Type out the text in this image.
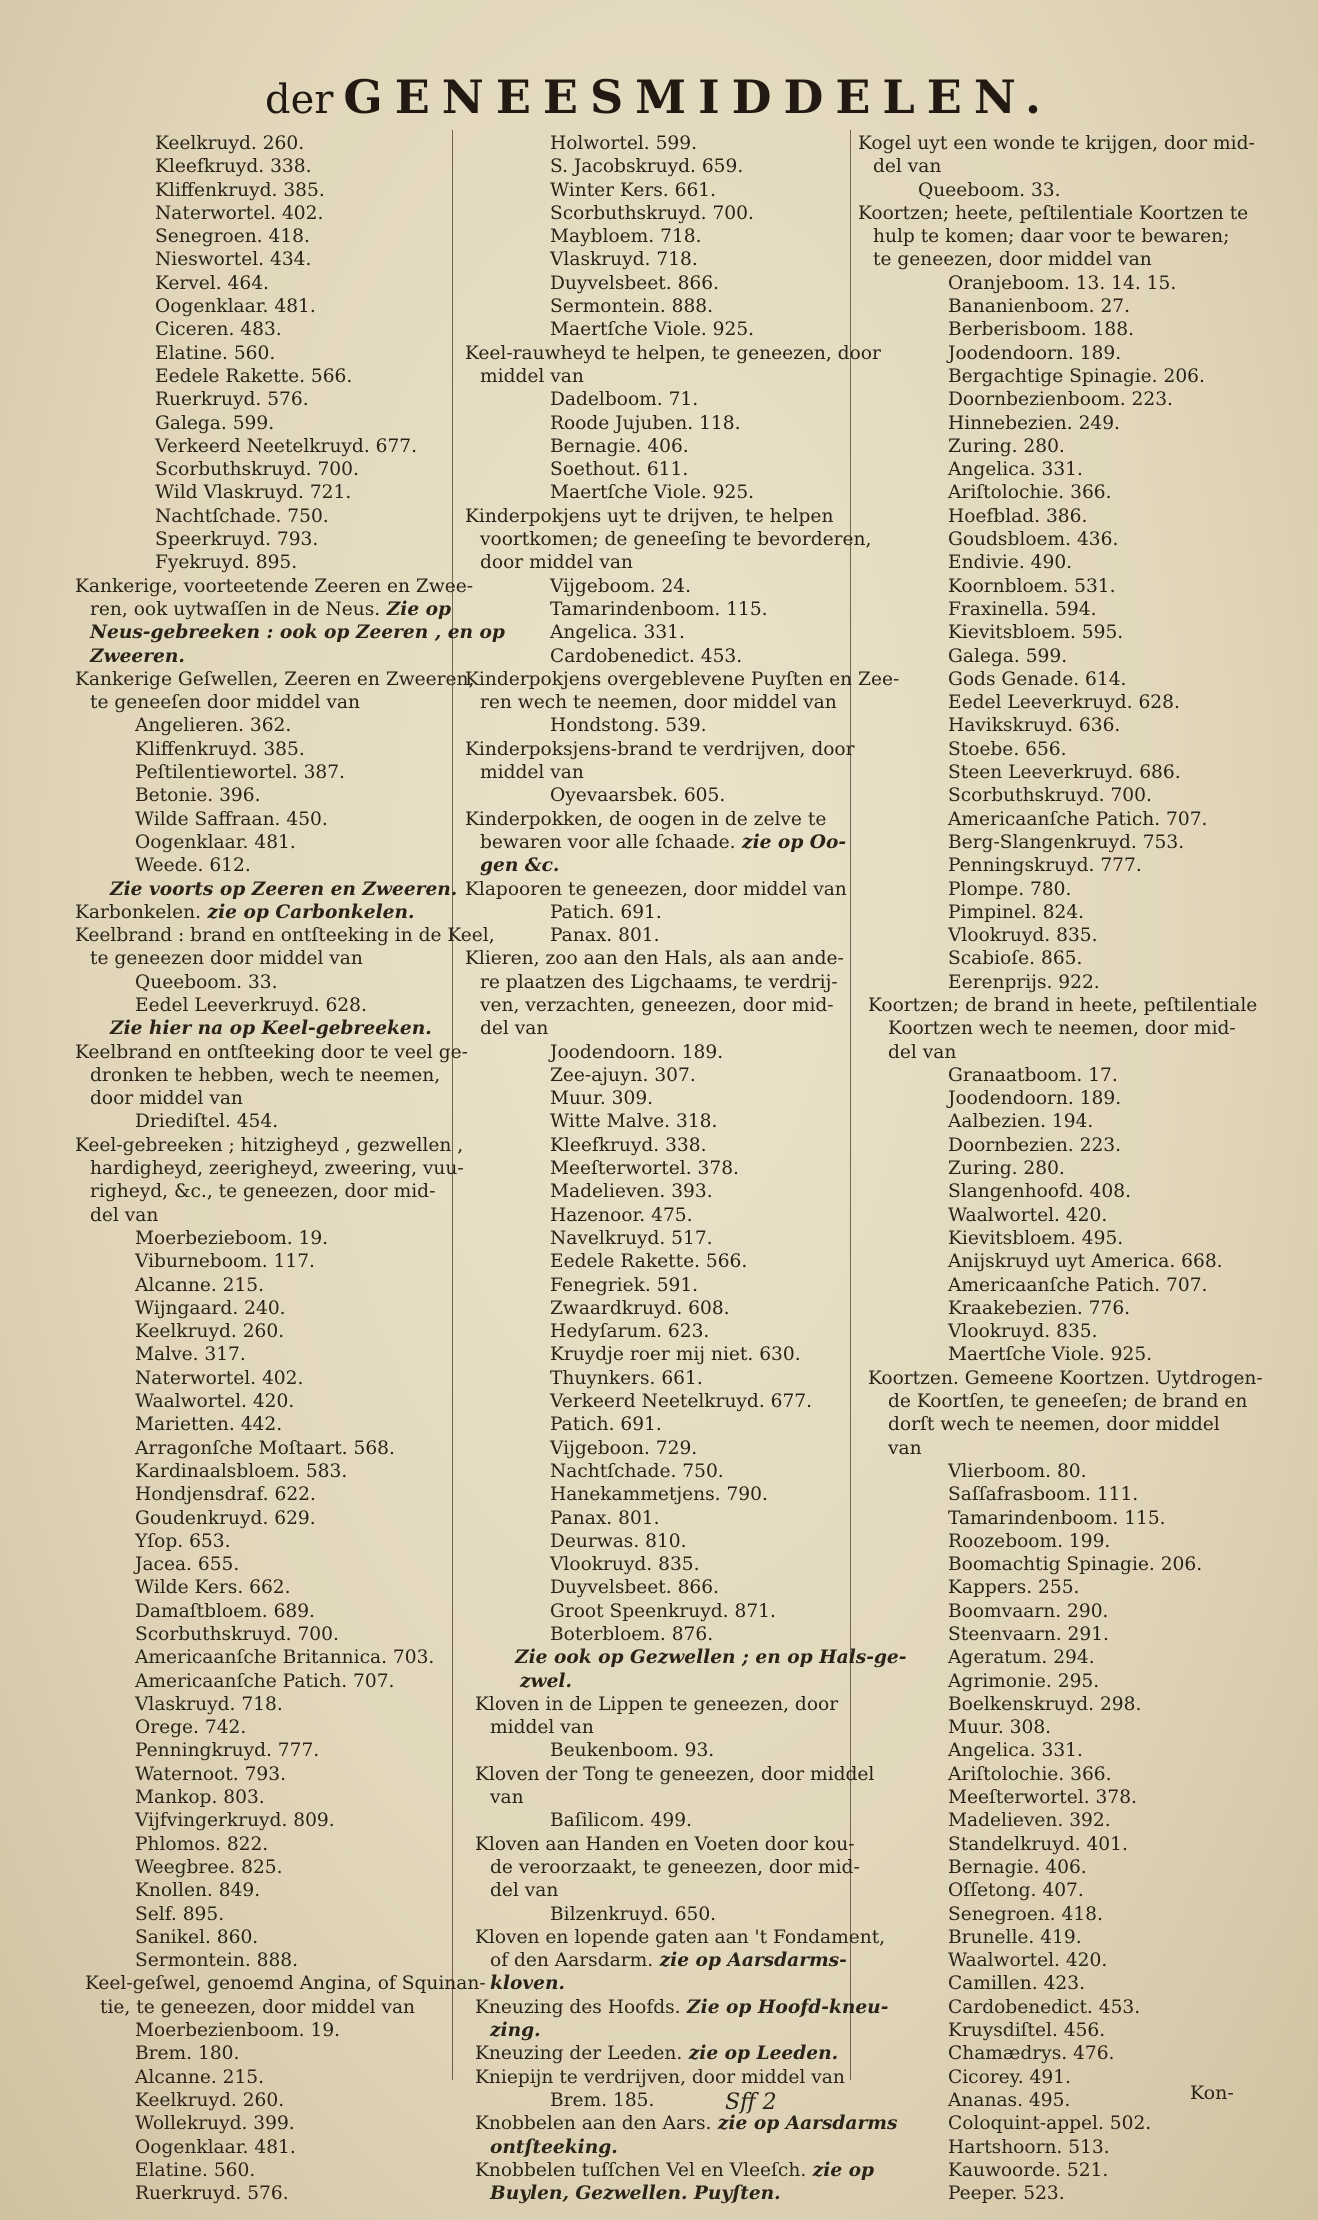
der GENEESMIDDELEN.
Keelkruyd. 260.
Kleefkruyd. 338.
Kliffenkruyd. 385.
Naterwortel. 402.
Senegroen. 418.
Nieswortel. 434.
Kervel. 464.
Oogenklaar. 481.
Ciceren. 483.
Elatine. 560.
Eedele Rakette. 566.
Ruerkruyd. 576.
Galega. 599.
Verkeerd Neetelkruyd. 677.
Scorbuthskruyd. 700.
Wild Vlaskruyd. 721.
Nachtſchade. 750.
Speerkruyd. 793.
Fyekruyd. 895.
Kankerige, voorteetende Zeeren en Zwee-
ren, ook uytwaſſen in de Neus. Zie op
Neus-gebreeken : ook op Zeeren , en op
Zweeren.
Kankerige Geſwellen, Zeeren en Zweeren,
te geneeſen door middel van
Angelieren. 362.
Kliffenkruyd. 385.
Peſtilentiewortel. 387.
Betonie. 396.
Wilde Saffraan. 450.
Oogenklaar. 481.
Weede. 612.
Zie voorts op Zeeren en Zweeren.
Karbonkelen. zie op Carbonkelen.
Keelbrand : brand en ontſteeking in de Keel,
te geneezen door middel van
Queeboom. 33.
Eedel Leeverkruyd. 628.
Zie hier na op Keel-gebreeken.
Keelbrand en ontſteeking door te veel ge-
dronken te hebben, wech te neemen,
door middel van
Driediſtel. 454.
Keel-gebreeken ; hitzigheyd , gezwellen ,
hardigheyd, zeerigheyd, zweering, vuu-
righeyd, &c., te geneezen, door mid-
del van
Moerbezieboom. 19.
Viburneboom. 117.
Alcanne. 215.
Wijngaard. 240.
Keelkruyd. 260.
Malve. 317.
Naterwortel. 402.
Waalwortel. 420.
Marietten. 442.
Arragonſche Moſtaart. 568.
Kardinaalsbloem. 583.
Hondjensdraf. 622.
Goudenkruyd. 629.
Yſop. 653.
Jacea. 655.
Wilde Kers. 662.
Damaſtbloem. 689.
Scorbuthskruyd. 700.
Americaanſche Britannica. 703.
Americaanſche Patich. 707.
Vlaskruyd. 718.
Orege. 742.
Penningkruyd. 777.
Waternoot. 793.
Mankop. 803.
Vijfvingerkruyd. 809.
Phlomos. 822.
Weegbree. 825.
Knollen. 849.
Self. 895.
Sanikel. 860.
Sermontein. 888.
Keel-geſwel, genoemd Angina, of Squinan-
tie, te geneezen, door middel van
Moerbezienboom. 19.
Brem. 180.
Alcanne. 215.
Keelkruyd. 260.
Wollekruyd. 399.
Oogenklaar. 481.
Elatine. 560.
Ruerkruyd. 576.
Holwortel. 599.
S. Jacobskruyd. 659.
Winter Kers. 661.
Scorbuthskruyd. 700.
Maybloem. 718.
Vlaskruyd. 718.
Duyvelsbeet. 866.
Sermontein. 888.
Maertſche Viole. 925.
Keel-rauwheyd te helpen, te geneezen, door
middel van
Dadelboom. 71.
Roode Jujuben. 118.
Bernagie. 406.
Soethout. 611.
Maertſche Viole. 925.
Kinderpokjens uyt te drijven, te helpen
voortkomen; de geneeſing te bevorderen,
door middel van
Vijgeboom. 24.
Tamarindenboom. 115.
Angelica. 331.
Cardobenedict. 453.
Kinderpokjens overgeblevene Puyſten en Zee-
ren wech te neemen, door middel van
Hondstong. 539.
Kinderpoksjens-brand te verdrijven, door
middel van
Oyevaarsbek. 605.
Kinderpokken, de oogen in de zelve te
bewaren voor alle ſchaade. zie op Oo-
gen &c.
Klapooren te geneezen, door middel van
Patich. 691.
Panax. 801.
Klieren, zoo aan den Hals, als aan ande-
re plaatzen des Ligchaams, te verdrij-
ven, verzachten, geneezen, door mid-
del van
Joodendoorn. 189.
Zee-ajuyn. 307.
Muur. 309.
Witte Malve. 318.
Kleefkruyd. 338.
Meeſterwortel. 378.
Madelieven. 393.
Hazenoor. 475.
Navelkruyd. 517.
Eedele Rakette. 566.
Fenegriek. 591.
Zwaardkruyd. 608.
Hedyſarum. 623.
Kruydje roer mij niet. 630.
Thuynkers. 661.
Verkeerd Neetelkruyd. 677.
Patich. 691.
Vijgeboon. 729.
Nachtſchade. 750.
Hanekammetjens. 790.
Panax. 801.
Deurwas. 810.
Vlookruyd. 835.
Duyvelsbeet. 866.
Groot Speenkruyd. 871.
Boterbloem. 876.
Zie ook op Gezwellen ; en op Hals-ge-
zwel.
Kloven in de Lippen te geneezen, door
middel van
Beukenboom. 93.
Kloven der Tong te geneezen, door middel
van
Baſilicom. 499.
Kloven aan Handen en Voeten door kou-
de veroorzaakt, te geneezen, door mid-
del van
Bilzenkruyd. 650.
Kloven en lopende gaten aan 't Fondament,
of den Aarsdarm. zie op Aarsdarms-
kloven.
Kneuzing des Hoofds. Zie op Hoofd-kneu-
zing.
Kneuzing der Leeden. zie op Leeden.
Kniepijn te verdrijven, door middel van
Brem. 185.
Knobbelen aan den Aars. zie op Aarsdarms
ontſteeking.
Knobbelen tuſſchen Vel en Vleeſch. zie op
Buylen, Gezwellen. Puyſten.
Kogel uyt een wonde te krijgen, door mid-
del van
Queeboom. 33.
Koortzen; heete, peſtilentiale Koortzen te
hulp te komen; daar voor te bewaren;
te geneezen, door middel van
Oranjeboom. 13. 14. 15.
Bananienboom. 27.
Berberisboom. 188.
Joodendoorn. 189.
Bergachtige Spinagie. 206.
Doornbezienboom. 223.
Hinnebezien. 249.
Zuring. 280.
Angelica. 331.
Ariſtolochie. 366.
Hoefblad. 386.
Goudsbloem. 436.
Endivie. 490.
Koornbloem. 531.
Fraxinella. 594.
Kievitsbloem. 595.
Galega. 599.
Gods Genade. 614.
Eedel Leeverkruyd. 628.
Havikskruyd. 636.
Stoebe. 656.
Steen Leeverkruyd. 686.
Scorbuthskruyd. 700.
Americaanſche Patich. 707.
Berg-Slangenkruyd. 753.
Penningskruyd. 777.
Plompe. 780.
Pimpinel. 824.
Vlookruyd. 835.
Scabioſe. 865.
Eerenprijs. 922.
Koortzen; de brand in heete, peſtilentiale
Koortzen wech te neemen, door mid-
del van
Granaatboom. 17.
Joodendoorn. 189.
Aalbezien. 194.
Doornbezien. 223.
Zuring. 280.
Slangenhoofd. 408.
Waalwortel. 420.
Kievitsbloem. 495.
Anijskruyd uyt America. 668.
Americaanſche Patich. 707.
Kraakebezien. 776.
Vlookruyd. 835.
Maertſche Viole. 925.
Koortzen. Gemeene Koortzen. Uytdrogen-
de Koortſen, te geneeſen; de brand en
dorſt wech te neemen, door middel
van
Vlierboom. 80.
Saſſafrasboom. 111.
Tamarindenboom. 115.
Roozeboom. 199.
Boomachtig Spinagie. 206.
Kappers. 255.
Boomvaarn. 290.
Steenvaarn. 291.
Ageratum. 294.
Agrimonie. 295.
Boelkenskruyd. 298.
Muur. 308.
Angelica. 331.
Ariſtolochie. 366.
Meeſterwortel. 378.
Madelieven. 392.
Standelkruyd. 401.
Bernagie. 406.
Oſſetong. 407.
Senegroen. 418.
Brunelle. 419.
Waalwortel. 420.
Camillen. 423.
Cardobenedict. 453.
Kruysdiſtel. 456.
Chamædrys. 476.
Cicorey. 491.
Ananas. 495.
Coloquint-appel. 502.
Hartshoorn. 513.
Kauwoorde. 521.
Peeper. 523.
Sff 2	Kon-
